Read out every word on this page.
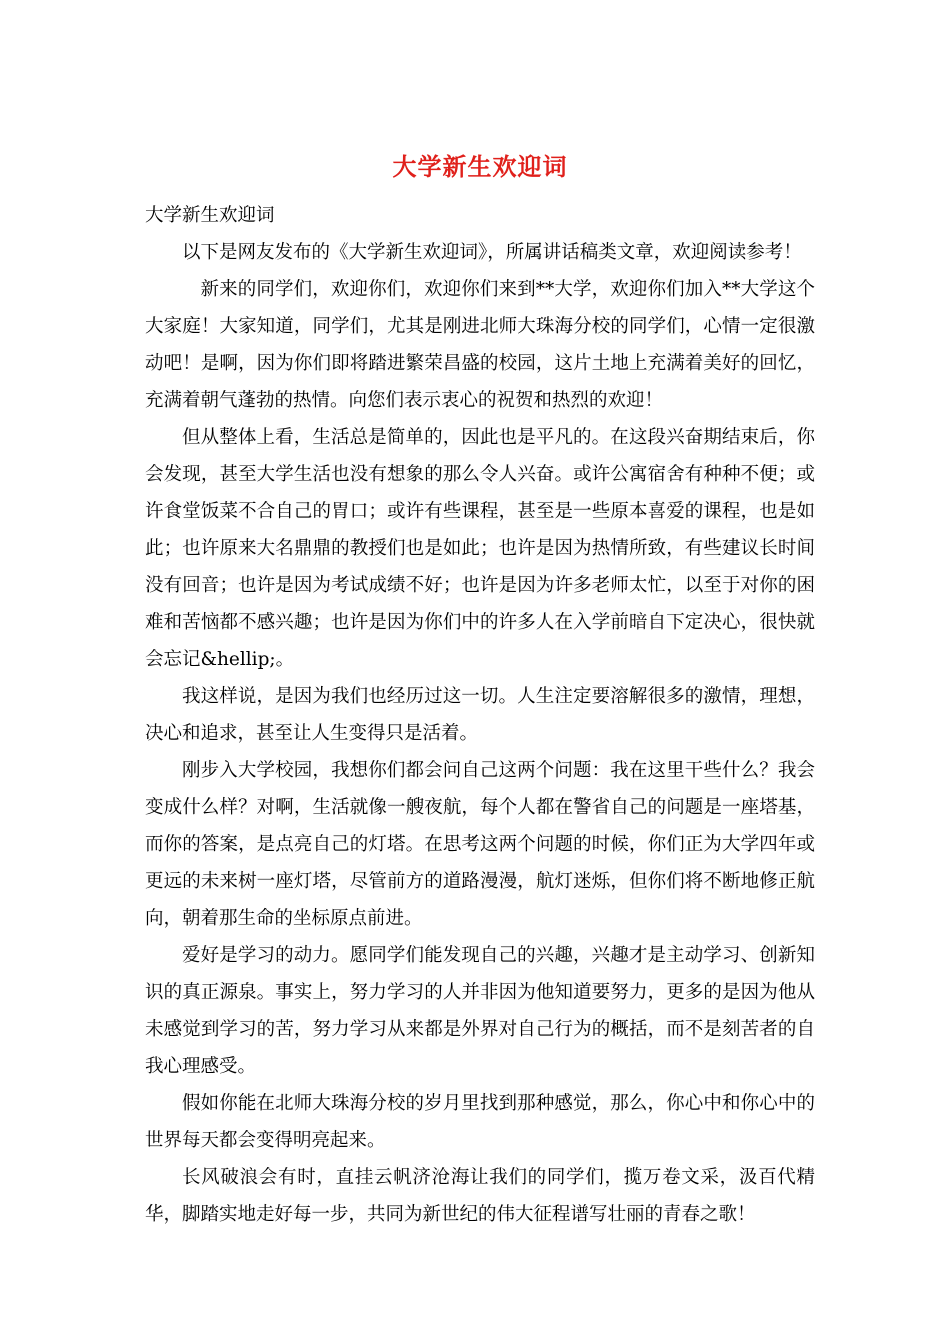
大学新生欢迎词

大学新生欢迎词

以下是网友发布的《大学新生欢迎词》，所属讲话稿类文章，欢迎阅读参考！

新来的同学们，欢迎你们，欢迎你们来到**大学，欢迎你们加入**大学这个大家庭！大家知道，同学们，尤其是刚进北师大珠海分校的同学们，心情一定很激动吧！是啊，因为你们即将踏进繁荣昌盛的校园，这片土地上充满着美好的回忆，充满着朝气蓬勃的热情。向您们表示衷心的祝贺和热烈的欢迎！

但从整体上看，生活总是简单的，因此也是平凡的。在这段兴奋期结束后，你会发现，甚至大学生活也没有想象的那么令人兴奋。或许公寓宿舍有种种不便；或许食堂饭菜不合自己的胃口；或许有些课程，甚至是一些原本喜爱的课程，也是如此；也许原来大名鼎鼎的教授们也是如此；也许是因为热情所致，有些建议长时间没有回音；也许是因为考试成绩不好；也许是因为许多老师太忙，以至于对你的困难和苦恼都不感兴趣；也许是因为你们中的许多人在入学前暗自下定决心，很快就会忘记&hellip;。

我这样说，是因为我们也经历过这一切。人生注定要溶解很多的激情，理想，决心和追求，甚至让人生变得只是活着。

刚步入大学校园，我想你们都会问自己这两个问题：我在这里干些什么？我会变成什么样？对啊，生活就像一艘夜航，每个人都在警省自己的问题是一座塔基，而你的答案，是点亮自己的灯塔。在思考这两个问题的时候，你们正为大学四年或更远的未来树一座灯塔，尽管前方的道路漫漫，航灯迷烁，但你们将不断地修正航向，朝着那生命的坐标原点前进。

爱好是学习的动力。愿同学们能发现自己的兴趣，兴趣才是主动学习、创新知识的真正源泉。事实上，努力学习的人并非因为他知道要努力，更多的是因为他从未感觉到学习的苦，努力学习从来都是外界对自己行为的概括，而不是刻苦者的自我心理感受。

假如你能在北师大珠海分校的岁月里找到那种感觉，那么，你心中和你心中的世界每天都会变得明亮起来。

长风破浪会有时，直挂云帆济沧海让我们的同学们，揽万卷文采，汲百代精华，脚踏实地走好每一步，共同为新世纪的伟大征程谱写壮丽的青春之歌！
